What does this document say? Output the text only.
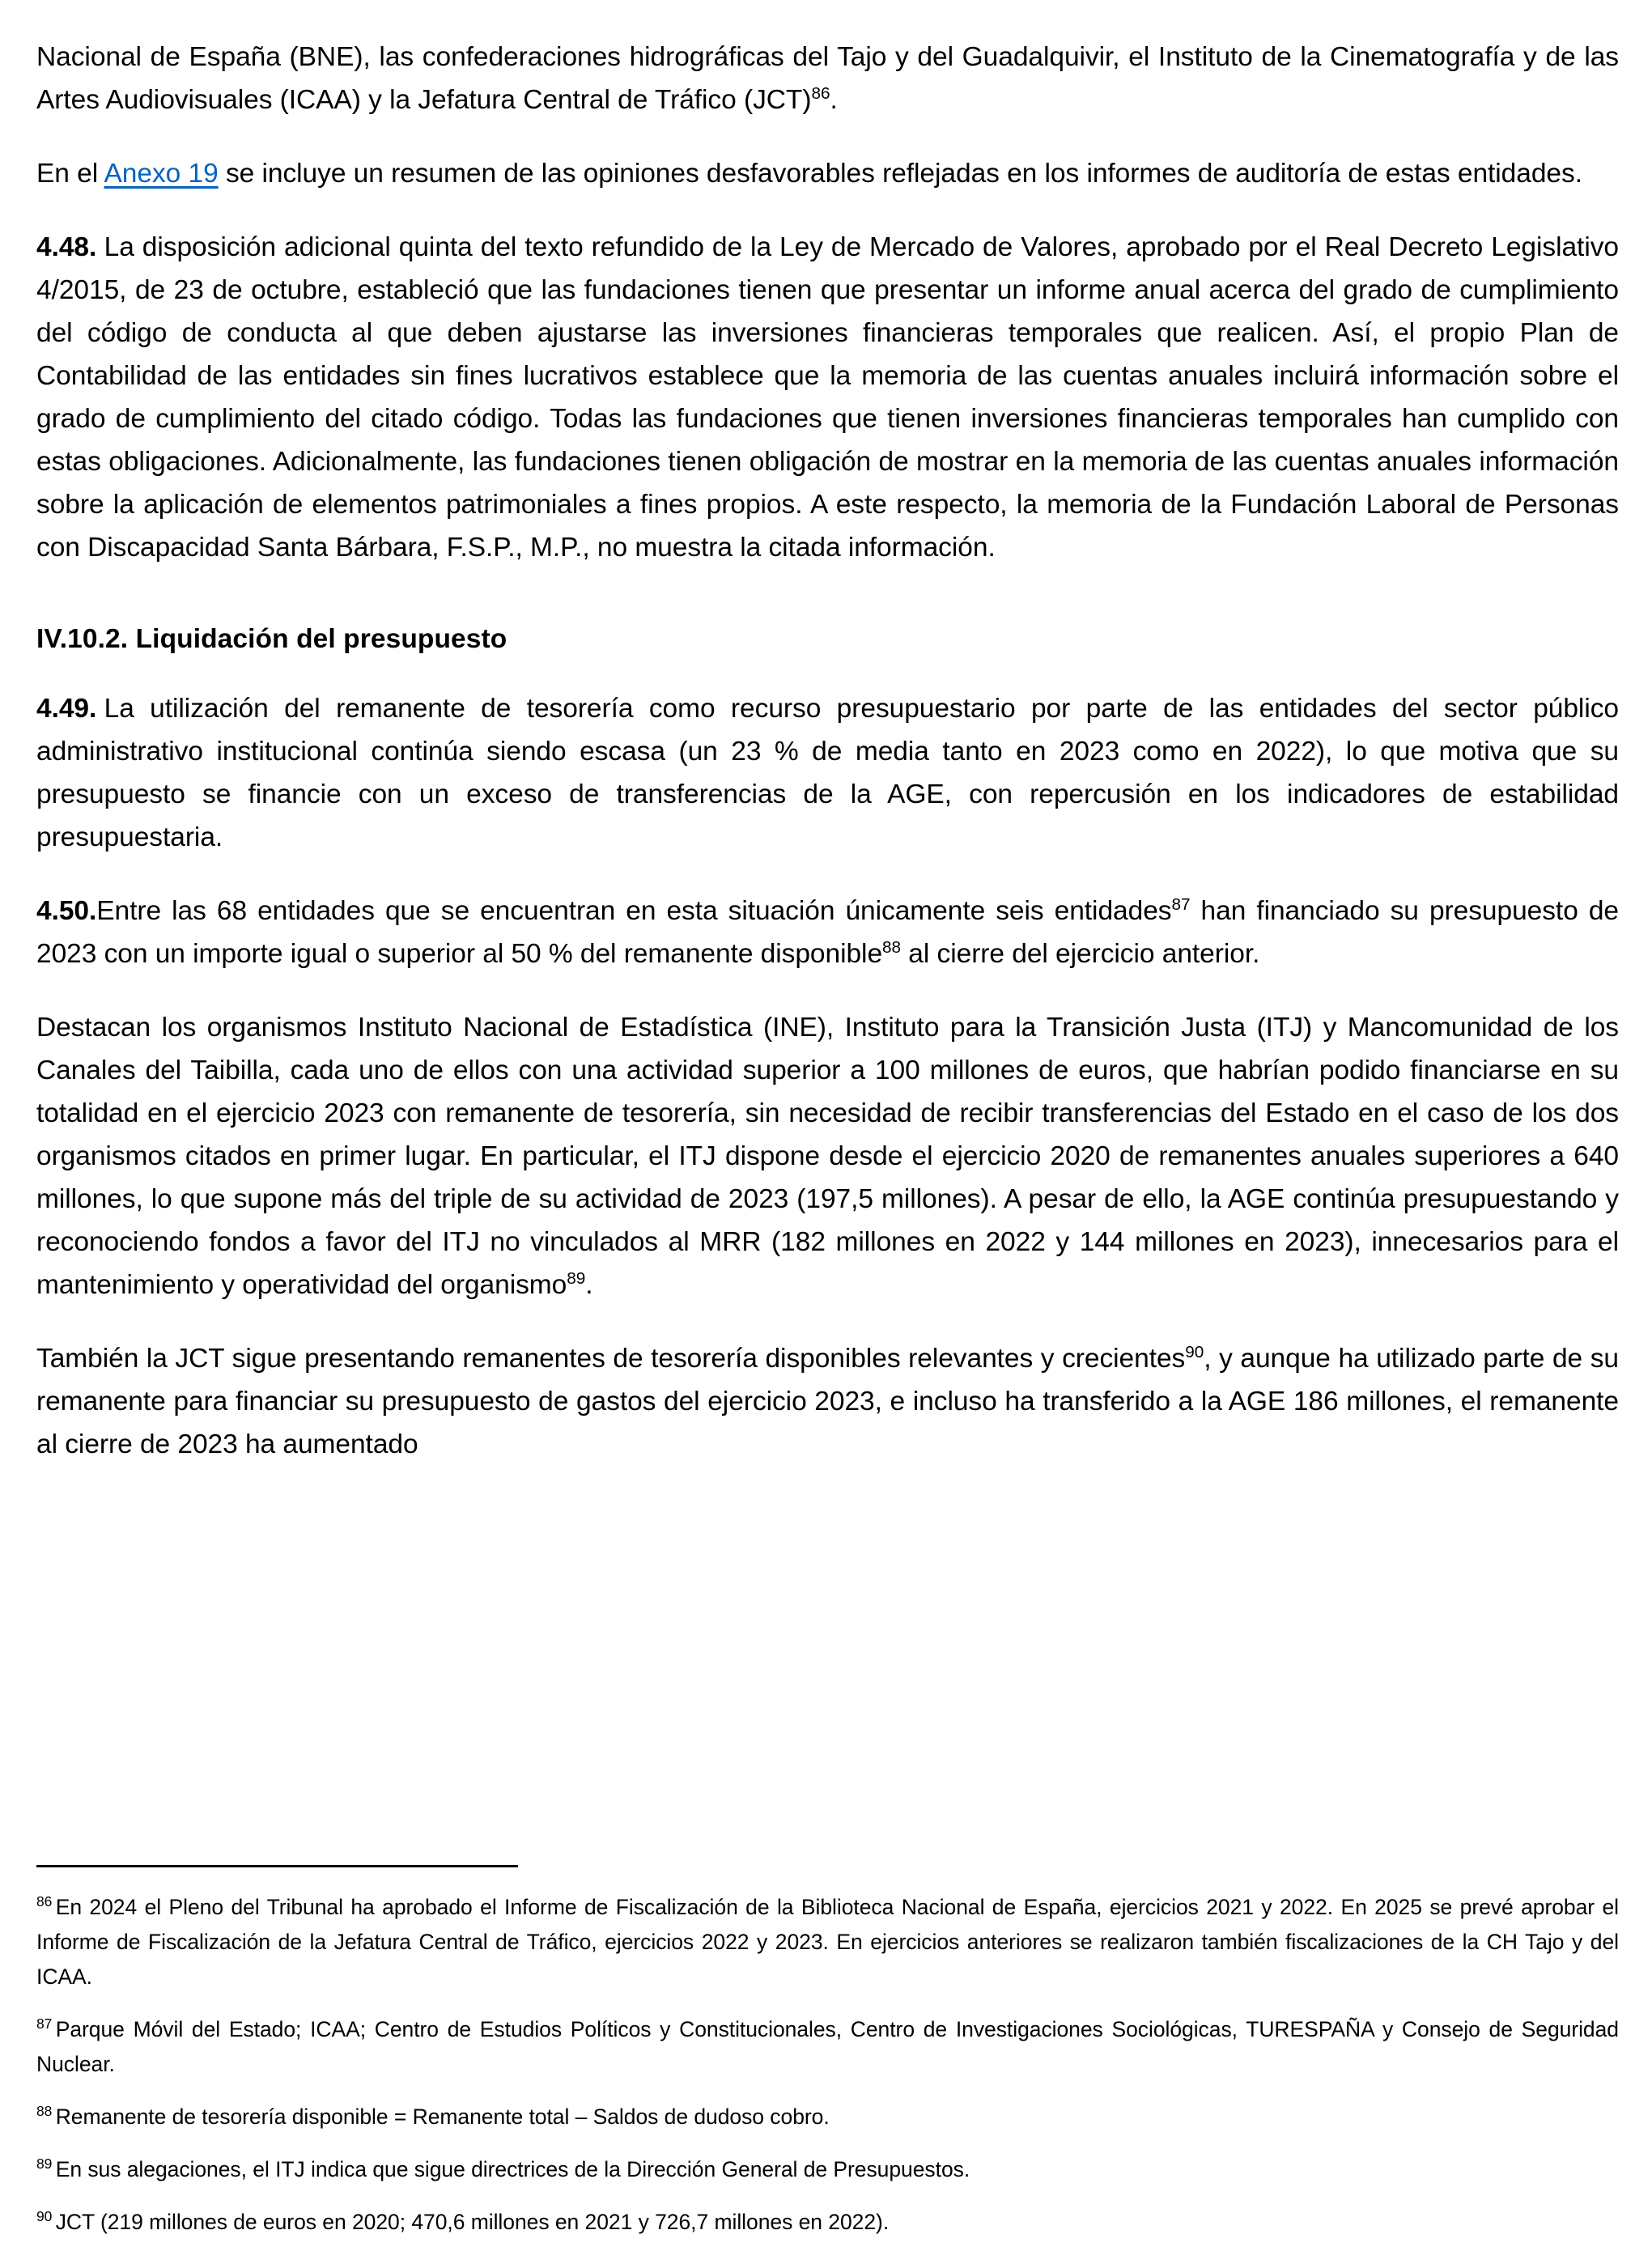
Nacional de España (BNE), las confederaciones hidrográficas del Tajo y del Guadalquivir, el Instituto de la Cinematografía y de las Artes Audiovisuales (ICAA) y la Jefatura Central de Tráfico (JCT)$^{86}$.

En el Anexo 19 se incluye un resumen de las opiniones desfavorables reflejadas en los informes de auditoría de estas entidades.

4.48. La disposición adicional quinta del texto refundido de la Ley de Mercado de Valores, aprobado por el Real Decreto Legislativo 4/2015, de 23 de octubre, estableció que las fundaciones tienen que presentar un informe anual acerca del grado de cumplimiento del código de conducta al que deben ajustarse las inversiones financieras temporales que realicen. Así, el propio Plan de Contabilidad de las entidades sin fines lucrativos establece que la memoria de las cuentas anuales incluirá información sobre el grado de cumplimiento del citado código. Todas las fundaciones que tienen inversiones financieras temporales han cumplido con estas obligaciones. Adicionalmente, las fundaciones tienen obligación de mostrar en la memoria de las cuentas anuales información sobre la aplicación de elementos patrimoniales a fines propios. A este respecto, la memoria de la Fundación Laboral de Personas con Discapacidad Santa Bárbara, F.S.P., M.P., no muestra la citada información.

IV.10.2. Liquidación del presupuesto

4.49. La utilización del remanente de tesorería como recurso presupuestario por parte de las entidades del sector público administrativo institucional continúa siendo escasa (un 23 % de media tanto en 2023 como en 2022), lo que motiva que su presupuesto se financie con un exceso de transferencias de la AGE, con repercusión en los indicadores de estabilidad presupuestaria.

4.50.Entre las 68 entidades que se encuentran en esta situación únicamente seis entidades$^{87}$ han financiado su presupuesto de 2023 con un importe igual o superior al 50 % del remanente disponible$^{88}$ al cierre del ejercicio anterior.

Destacan los organismos Instituto Nacional de Estadística (INE), Instituto para la Transición Justa (ITJ) y Mancomunidad de los Canales del Taibilla, cada uno de ellos con una actividad superior a 100 millones de euros, que habrían podido financiarse en su totalidad en el ejercicio 2023 con remanente de tesorería, sin necesidad de recibir transferencias del Estado en el caso de los dos organismos citados en primer lugar. En particular, el ITJ dispone desde el ejercicio 2020 de remanentes anuales superiores a 640 millones, lo que supone más del triple de su actividad de 2023 (197,5 millones). A pesar de ello, la AGE continúa presupuestando y reconociendo fondos a favor del ITJ no vinculados al MRR (182 millones en 2022 y 144 millones en 2023), innecesarios para el mantenimiento y operatividad del organismo$^{89}$.

También la JCT sigue presentando remanentes de tesorería disponibles relevantes y crecientes$^{90}$, y aunque ha utilizado parte de su remanente para financiar su presupuesto de gastos del ejercicio 2023, e incluso ha transferido a la AGE 186 millones, el remanente al cierre de 2023 ha aumentado

$^{86}$ En 2024 el Pleno del Tribunal ha aprobado el Informe de Fiscalización de la Biblioteca Nacional de España, ejercicios 2021 y 2022. En 2025 se prevé aprobar el Informe de Fiscalización de la Jefatura Central de Tráfico, ejercicios 2022 y 2023. En ejercicios anteriores se realizaron también fiscalizaciones de la CH Tajo y del ICAA.

$^{87}$ Parque Móvil del Estado; ICAA; Centro de Estudios Políticos y Constitucionales, Centro de Investigaciones Sociológicas, TURESPAÑA y Consejo de Seguridad Nuclear.

$^{88}$ Remanente de tesorería disponible = Remanente total – Saldos de dudoso cobro.

$^{89}$ En sus alegaciones, el ITJ indica que sigue directrices de la Dirección General de Presupuestos.

$^{90}$ JCT (219 millones de euros en 2020; 470,6 millones en 2021 y 726,7 millones en 2022).
